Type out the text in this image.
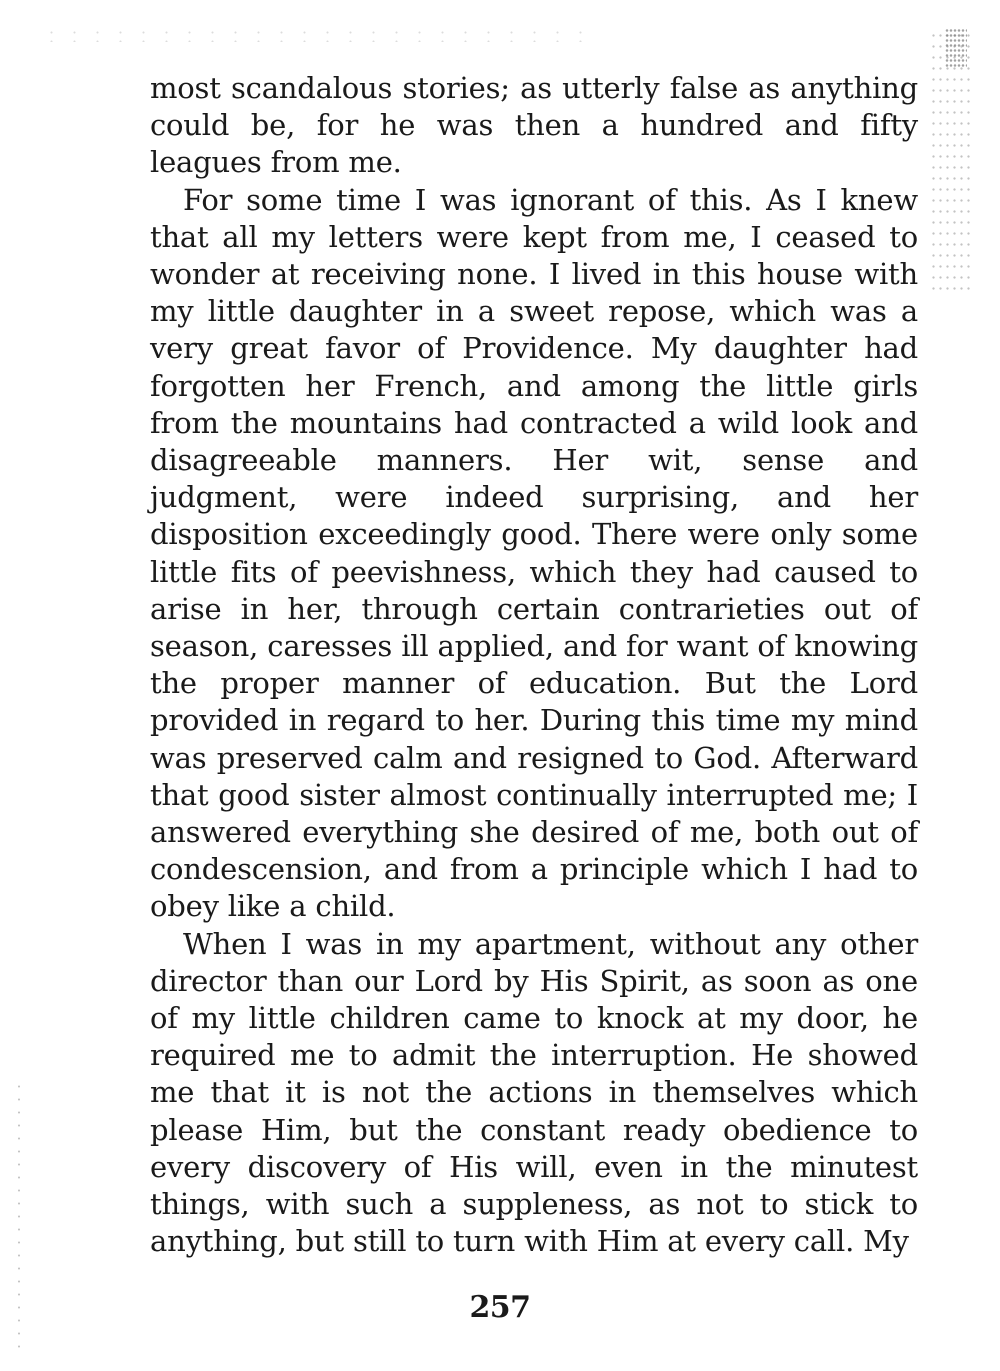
most scandalous stories; as utterly false as anything could be, for he was then a hundred and fifty leagues from me.

For some time I was ignorant of this. As I knew that all my letters were kept from me, I ceased to wonder at receiving none. I lived in this house with my little daughter in a sweet repose, which was a very great favor of Providence. My daughter had forgotten her French, and among the little girls from the mountains had contracted a wild look and disagreeable manners. Her wit, sense and judgment, were indeed surprising, and her disposition exceedingly good. There were only some little fits of peevishness, which they had caused to arise in her, through certain contrarieties out of season, caresses ill applied, and for want of knowing the proper manner of education. But the Lord provided in regard to her. During this time my mind was preserved calm and resigned to God. Afterward that good sister almost continually interrupted me; I answered everything she desired of me, both out of condescension, and from a principle which I had to obey like a child.

When I was in my apartment, without any other director than our Lord by His Spirit, as soon as one of my little children came to knock at my door, he required me to admit the interruption. He showed me that it is not the actions in themselves which please Him, but the constant ready obedience to every discovery of His will, even in the minutest things, with such a suppleness, as not to stick to anything, but still to turn with Him at every call. My

257
